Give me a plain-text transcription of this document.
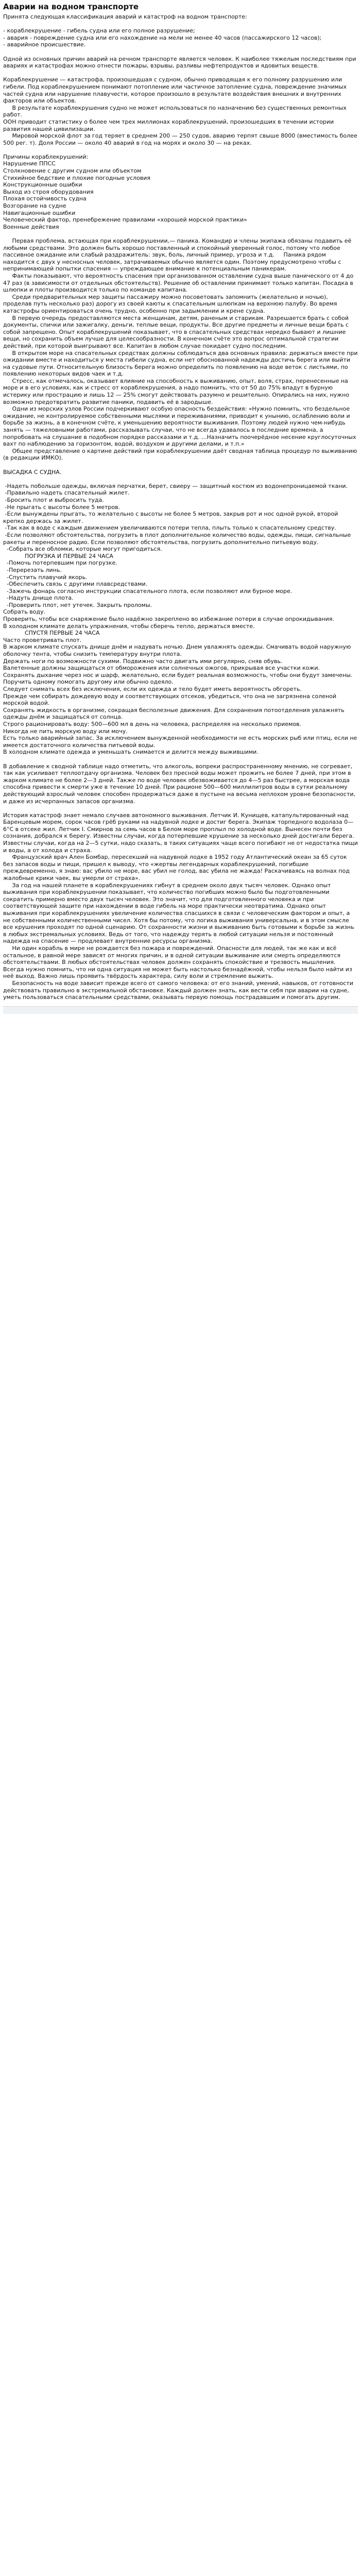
Аварии на водном транспорте
Принята следующая классификация аварий и катастроф на водном транспорте:

- кораблекрушение - гибель судна или его полное разрушение;
- авария - повреждение судна или его нахождение на мели не менее 40 часов (пассажирского 12 часов);
- аварийное происшествие.

Одной из основных причин аварий на речном транспорте является человек. К наиболее тяжелым последствиям при авариях и катастрофах можно отнести пожары, взрывы, разливы нефтепродуктов и ядовитых веществ.

Кораблекрушение — катастрофа, произошедшая с судном, обычно приводящая к его полному разрушению или гибели. Под кораблекрушением понимают потопление или частичное затопление судна, повреждение значимых частей судна или нарушение плавучести, которое произошло в результате воздействия внешних и внутренних факторов или объектов.
В результате кораблекрушения судно не может использоваться по назначению без существенных ремонтных работ.
ООН приводит статистику о более чем трех миллионах кораблекрушений, произошедших в течении истории развития нашей цивилизации.
Мировой морской флот за год теряет в среднем 200 — 250 судов, аварию терпят свыше 8000 (вместимость более 500 рег. т). Доля России — около 40 аварий в год на морях и около 30 — на реках.

Причины кораблекрушений:
Нарушение ППСС
Столкновение с другим судном или объектом
Стихийное бедствие и плохие погодные условия
Конструкционные ошибки
Выход из строя оборудования
Плохая остойчивость судна
Возгорание на судне
Навигационные ошибки
Человеческий фактор, пренебрежение правилами «хорошей морской практики»
Военные действия

Первая проблема, встающая при кораблекрушении,— паника. Командир и члены экипажа обязаны подавить её любыми средствами. Это должен быть хорошо поставленный и спокойный уверенный голос, потому что любое пассивное ожидание или слабый раздражитель: звук, боль, личный пример, угроза и т.д.     Паника рядом находится с двух у несносных человек, затрачиваемых обычно является один. Поэтому предусмотрено чтобы с непринимающей попытки спасения — упреждающее внимание к потенциальным паникерам.
Факты показывают, что вероятность спасения при организованном оставлении судна выше панического от 4 до 47 раз (в зависимости от отдельных обстоятельств). Решение об оставлении принимает только капитан. Посадка в шлюпки и плоты производится только по команде капитана.
Среди предварительных мер защиты пассажиру можно посоветовать запомнить (желательно и ночью), проделав путь несколько раз) дорогу из своей каюты к спасательным шлюпкам на верхнюю палубу. Во время катастрофы ориентироваться очень трудно, особенно при задымлении и крене судна.
В первую очередь предоставляются места женщинам, детям, раненым и старикам. Разрешается брать с собой документы, спички или зажигалку, деньги, теплые вещи, продукты. Все другие предметы и личные вещи брать с собой запрещено. Опыт кораблекрушений показывает, что в спасательных средствах нередко бывают и лишние вещи, но сохранить объем лучше для целесообразности. В конечном счёте это вопрос оптимальной стратегии действий, при которой выигрывают все. Капитан в любом случае покидает судно последним.
В открытом море на спасательных средствах должны соблюдаться два основных правила: держаться вместе при ожидании вместе и находиться у места гибели судна, если нет обоснованной надежды достичь берега или выйти на судовые пути. Относительную близость берега можно определить по появлению на воде веток с листьями, по появлению некоторых видов чаек и т.д.
Стресс, как отмечалось, оказывает влияние на способность к выживанию, опыт, воля, страх, перенесенные на море и в его условиях, как и стресс от кораблекрушения, а надо помнить, что от 50 до 75% впадут в бурную истерику или прострацию и лишь 12 — 25% смогут действовать разумно и решительно. Опирались на них, нужно возможно предотвратить развитие паники, подавить её в зародыше.
Одни из морских узлов России подчеркивают особую опасность бездействия: «Нужно помнить, что бездельное ожидание, не контролируемое собственными мыслями и переживаниями, приводит к унынию, ослаблению воли и борьбе за жизнь, а в конечном счёте, к уменьшению вероятности выживания. Поэтому людей нужно чем-нибудь занять — тяжеловными работами, рассказывать случаи, что не всегда удавалось в последние времена, а попробовать на слушание в подобном порядке рассказами и т.д. ...Назначить поочерёдное несение круглосуточных вахт по наблюдению за горизонтом, водой, воздухом и другими делами, и т.п.»
Общее представление о картине действий при кораблекрушении даёт сводная таблица процедур по выживанию (в редакции ИМКО).

ВЫСАДКА С СУДНА.

-Надеть побольше одежды, включая перчатки, берет, свиеру — защитный костюм из водонепроницаемой ткани.
-Правильно надеть спасательный жилет.
-Бросить плот и выбросить туда.
-Не прыгать с высоты более 5 метров.
-Если вынуждены прыгать, то желательно с высоты не более 5 метров, закрыв рот и нос одной рукой, второй крепко держась за жилет.
-Так как в воде с каждым движением увеличиваются потери тепла, плыть только к спасательному средству.
-Если позволяют обстоятельства, погрузить в плот дополнительное количество воды, одежды, пищи, сигнальные ракеты и переносное радио. Если позволяют обстоятельства, погрузить дополнительно питьевую воду.
-Собрать все обломки, которые могут пригодиться.
ПОГРУЗКА И ПЕРВЫЕ 24 ЧАСА
-Помочь потерпевшим при погрузке.
-Перерезать линь.
-Спустить плавучий якорь.
-Обеспечить связь с другими плавсредствами.
-Зажечь фонарь согласно инструкции спасательного плота, если позволяют или бурное море.
-Надуть днище плота.
-Проверить плот, нет утечек. Закрыть проломы.
Собрать воду.
Проверить, чтобы все снаряжение было надёжно закреплено во избежание потери в случае опрокидывания.
В холодном климате делать упражнения, чтобы сберечь тепло, держаться вместе.
СПУСТЯ ПЕРВЫЕ 24 ЧАСА
Часто проветривать плот.
В жарком климате спускать днище днём и надувать ночью. Днем увлажнять одежды. Смачивать водой наружную оболочку тента, чтобы снизить температуру внутри плота.
Держать ноги по возможности сухими. Подвижно часто двигать ими регулярно, сняв обувь.
Валетенные должны защищаться от обморожения или солнечных ожогов, прикрывая все участки кожи.
Сохранять дыхание через нос и шарф, желательно, если будет реальная возможность, чтобы они будут замечены.
Поручить одному помогать другому или обычно одеяло.
Следует снимать всех без исключения, если их одежда и тело будет иметь вероятность обгореть.
Прежде чем собирать дождевую воду и соответствующих отсеков, убедиться, что она не загрязнена соленой морской водой.
Сохранять жидкость в организме, сокращая бесполезные движения. Для сохранения потоотделения увлажнять одежды днём и защищаться от солнца.
Строго рационировать воду: 500—600 мл в день на человека, распределяя на несколько приемов.
Никогда не пить морскую воду или мочу.
Есть только аварийный запас. За исключением вынужденной необходимости не есть морских рыб или птиц, если не имеется достаточного количества питьевой воды.
В холодном климате одежда и уменьшать снимается и делится между выжившими.

В добавление к сводной таблице надо отметить, что алкоголь, вопреки распространенному мнению, не согревает, так как усиливает теплоотдачу организма. Человек без пресной воды может прожить не более 7 дней, при этом в жарком климате не более 2—3 дней. Также по воде человек обезвоживается до 4—5 раз быстрее, а морская вода способна привести к смерти уже в течение 10 дней. При рационе 500—600 миллилитров воды в сутки реальному действующий взрослый человек способен продержаться даже в пустыне на весьма неплохом уровне безопасности, и даже из исчерпанных запасов организма.

История катастроф знает немало случаев автономного выживания. Летчик И. Кунищев, катапультированный над Баренцевым морем, сорок часов грёб руками на надувной лодке и достиг берега. Экипаж торпедного водолаза 0—6°С в отсеке жил. Летчик I. Смирнов за семь часов в Белом море проплыл по холодной воде. Вынесен почти без сознания, добрался к берегу. Известны случаи, когда потерпевшие крушение за несколько дней достигали берега. Известны случаи, когда на 2—5 сутки, надо сказать, в таких ситуациях чаще всего погибают не от недостатка пищи и воды, а от холода и страха.
Французский врач Ален Бомбар, пересекший на надувной лодке в 1952 году Атлантический океан за 65 суток без запасов воды и пищи, пришел к выводу, что «жертвы легендарных кораблекрушений, погибшие преждевременно, я знаю: вас убило не море, вас убил не голод, вас убила не жажда! Раскачиваясь на волнах под жалобные крики чаек, вы умерли от страха».
За год на нашей планете в кораблекрушениях гибнут в среднем около двух тысяч человек. Однако опыт выживания при кораблекрушении показывает, что количество погибших можно было бы подготовленными сократить примерно вместо двух тысяч человек. Это значит, что для подготовленного человека и при соответствующей защите при нахождении в воде гибель на море практически неотвратима. Однако опыт выживания при кораблекрушениях увеличение количества спасшихся в связи с человеческим фактором и опыт, а не собственными количественными чисел. Хотя бы потому, что логика выживания универсальна, и в этом смысле все крушения проходят по одной сценарию. От сохранности жизни и выживанию быть готовыми к борьбе за жизнь в любых экстремальных условиях. Ведь от того, что надежду терять в любой ситуации нельзя и постоянный надежда на спасение — продлевает внутренние ресурсы организма.
Ни один корабль в мире не рождается без пожара и повреждений. Опасности для людей, так же как и всё остальное, в равной мере зависят от многих причин, и в одной ситуации выживание или смерть определяются обстоятельствами. В любых обстоятельствах человек должен сохранять спокойствие и трезвость мышления. Всегда нужно помнить, что ни одна ситуация не может быть настолько безнадёжной, чтобы нельзя было найти из неё выход. Важно лишь проявить твёрдость характера, силу воли и стремление выжить.
Безопасность на воде зависит прежде всего от самого человека: от его знаний, умений, навыков, от готовности действовать правильно в экстремальной обстановке. Каждый должен знать, как вести себя при аварии на судне, уметь пользоваться спасательными средствами, оказывать первую помощь пострадавшим и помогать другим.
